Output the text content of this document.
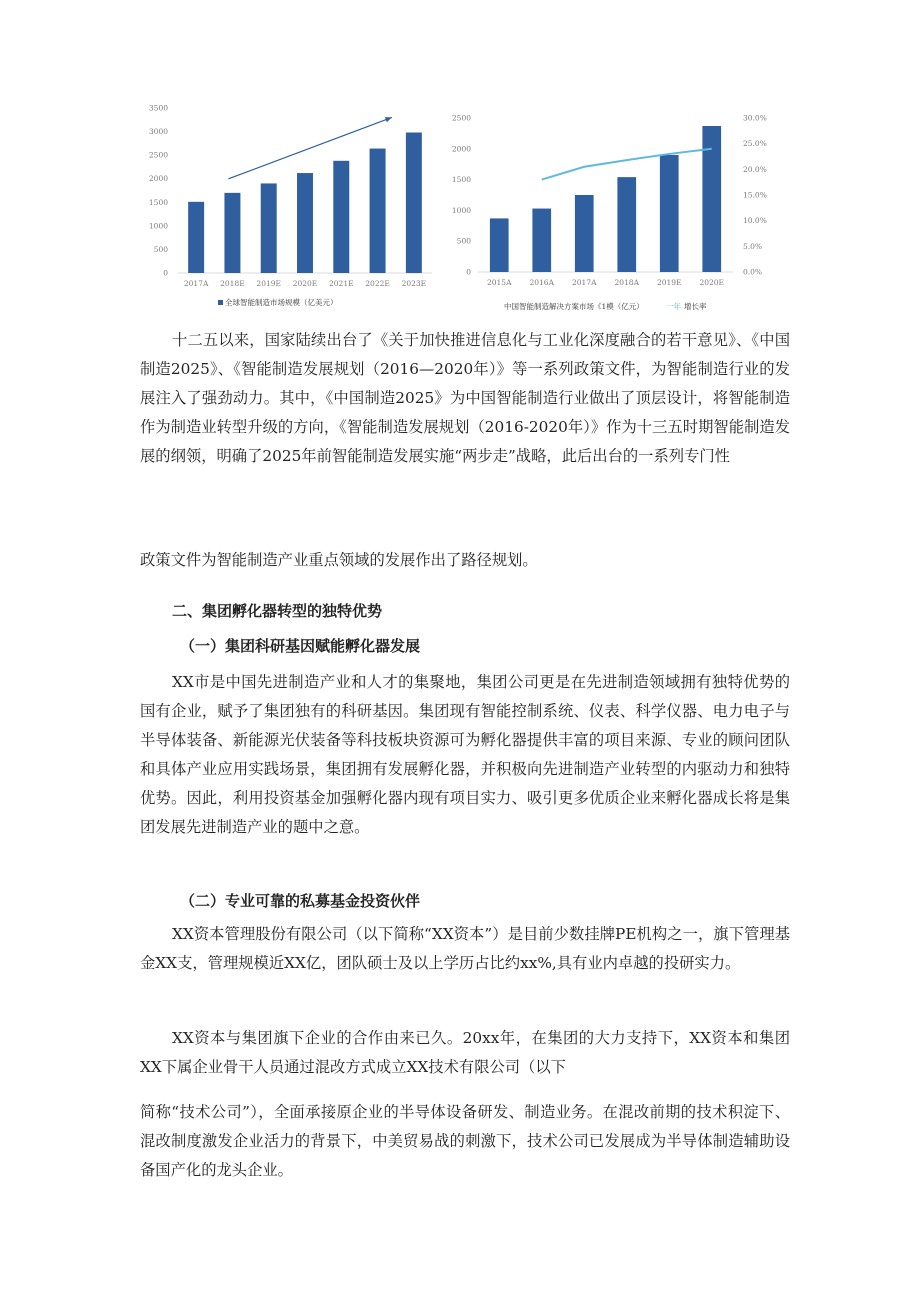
0
500
1000
1500
2000
2500
3000
3500
2017A 2018E 2019E 2020E 2021E 2022E 2023E
全球智能制造市场规模（亿美元）
0
500
1000
1500
2000
2500
0.0%
5.0%
10.0%
15.0%
20.0%
25.0%
30.0%
2015A 2016A 2017A 2018A 2019E 2020E
中国智能制造解决方案市场《1模（亿元）	一年 增长率

十二五以来，国家陆续出台了《关于加快推进信息化与工业化深度融合的若干意见》、《中国制造2025》、《智能制造发展规划（2016—2020年）》等一系列政策文件，为智能制造行业的发展注入了强劲动力。其中，《中国制造2025》为中国智能制造行业做出了顶层设计，将智能制造作为制造业转型升级的方向，《智能制造发展规划（2016-2020年）》作为十三五时期智能制造发展的纲领，明确了2025年前智能制造发展实施“两步走”战略，此后出台的一系列专门性

政策文件为智能制造产业重点领域的发展作出了路径规划。

二、集团孵化器转型的独特优势
（一）集团科研基因赋能孵化器发展

XX市是中国先进制造产业和人才的集聚地，集团公司更是在先进制造领域拥有独特优势的国有企业，赋予了集团独有的科研基因。集团现有智能控制系统、仪表、科学仪器、电力电子与半导体装备、新能源光伏装备等科技板块资源可为孵化器提供丰富的项目来源、专业的顾问团队和具体产业应用实践场景，集团拥有发展孵化器，并积极向先进制造产业转型的内驱动力和独特优势。因此，利用投资基金加强孵化器内现有项目实力、吸引更多优质企业来孵化器成长将是集团发展先进制造产业的题中之意。

（二）专业可靠的私募基金投资伙伴

XX资本管理股份有限公司（以下简称“XX资本”）是目前少数挂牌PE机构之一，旗下管理基金XX支，管理规模近XX亿，团队硕士及以上学历占比约xx%,具有业内卓越的投研实力。

XX资本与集团旗下企业的合作由来已久。20xx年，在集团的大力支持下，XX资本和集团XX下属企业骨干人员通过混改方式成立XX技术有限公司（以下

简称“技术公司”），全面承接原企业的半导体设备研发、制造业务。在混改前期的技术积淀下、混改制度激发企业活力的背景下，中美贸易战的刺激下，技术公司已发展成为半导体制造辅助设备国产化的龙头企业。
